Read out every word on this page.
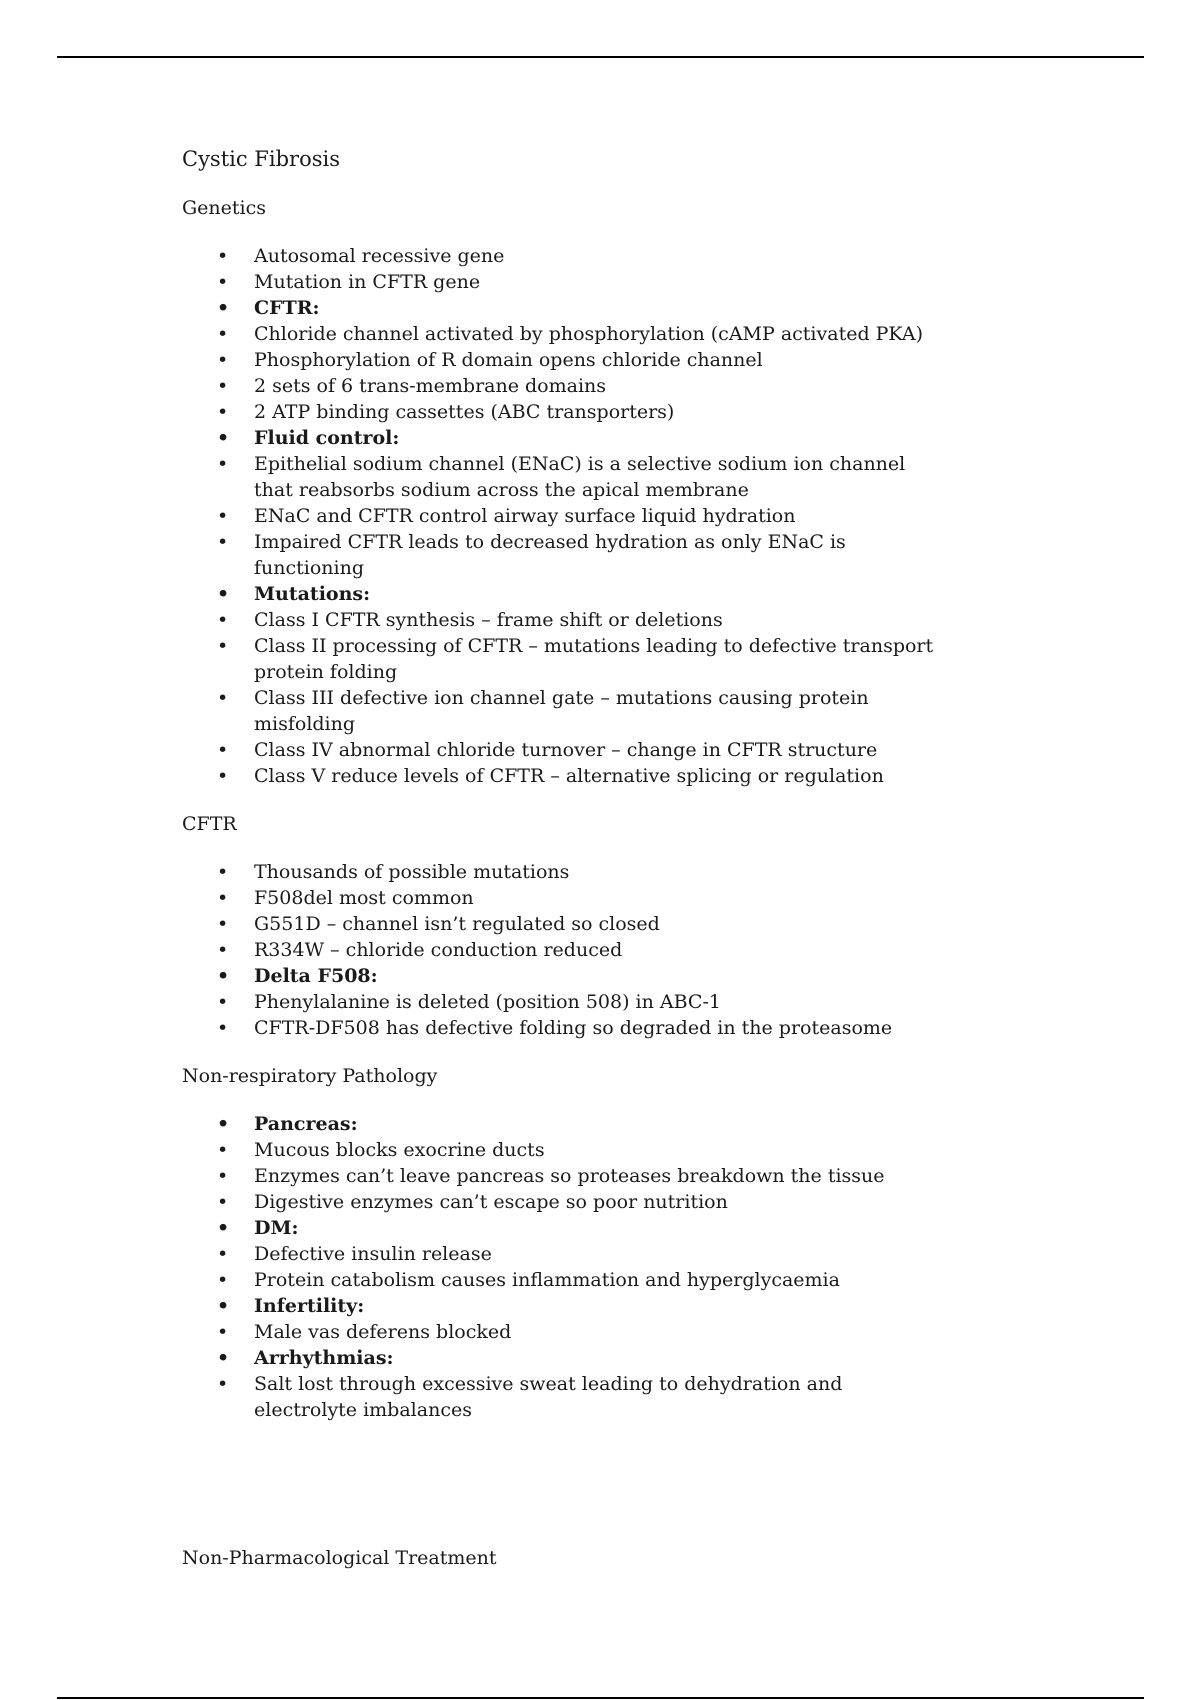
Cystic Fibrosis
Genetics
• Autosomal recessive gene
• Mutation in CFTR gene
• CFTR:
• Chloride channel activated by phosphorylation (cAMP activated PKA)
• Phosphorylation of R domain opens chloride channel
• 2 sets of 6 trans-membrane domains
• 2 ATP binding cassettes (ABC transporters)
• Fluid control:
• Epithelial sodium channel (ENaC) is a selective sodium ion channel that reabsorbs sodium across the apical membrane
• ENaC and CFTR control airway surface liquid hydration
• Impaired CFTR leads to decreased hydration as only ENaC is functioning
• Mutations:
• Class I CFTR synthesis – frame shift or deletions
• Class II processing of CFTR – mutations leading to defective transport protein folding
• Class III defective ion channel gate – mutations causing protein misfolding
• Class IV abnormal chloride turnover – change in CFTR structure
• Class V reduce levels of CFTR – alternative splicing or regulation
CFTR
• Thousands of possible mutations
• F508del most common
• G551D – channel isn’t regulated so closed
• R334W – chloride conduction reduced
• Delta F508:
• Phenylalanine is deleted (position 508) in ABC-1
• CFTR-DF508 has defective folding so degraded in the proteasome
Non-respiratory Pathology
• Pancreas:
• Mucous blocks exocrine ducts
• Enzymes can’t leave pancreas so proteases breakdown the tissue
• Digestive enzymes can’t escape so poor nutrition
• DM:
• Defective insulin release
• Protein catabolism causes inflammation and hyperglycaemia
• Infertility:
• Male vas deferens blocked
• Arrhythmias:
• Salt lost through excessive sweat leading to dehydration and electrolyte imbalances
Non-Pharmacological Treatment
